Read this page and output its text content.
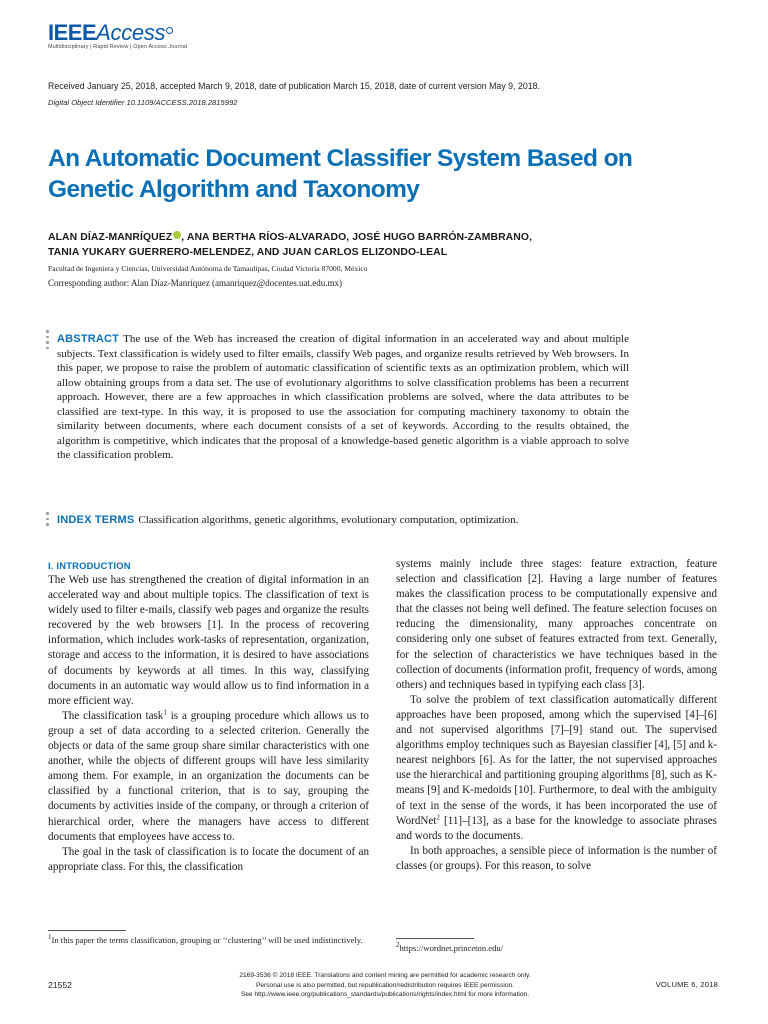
IEEEAccess
Multidisciplinary | Rapid Review | Open Access Journal
Received January 25, 2018, accepted March 9, 2018, date of publication March 15, 2018, date of current version May 9, 2018.
Digital Object Identifier 10.1109/ACCESS.2018.2815992
An Automatic Document Classifier System Based on Genetic Algorithm and Taxonomy
ALAN DÍAZ-MANRÍQUEZ , ANA BERTHA RÍOS-ALVARADO, JOSÉ HUGO BARRÓN-ZAMBRANO,
TANIA YUKARY GUERRERO-MELENDEZ, AND JUAN CARLOS ELIZONDO-LEAL
Facultad de Ingeniera y Ciencias, Universidad Autónoma de Tamaulipas, Ciudad Victoria 87000, México
Corresponding author: Alan Díaz-Manríquez (amanriquez@docentes.uat.edu.mx)
ABSTRACT The use of the Web has increased the creation of digital information in an accelerated way and about multiple subjects. Text classification is widely used to filter emails, classify Web pages, and organize results retrieved by Web browsers. In this paper, we propose to raise the problem of automatic classification of scientific texts as an optimization problem, which will allow obtaining groups from a data set. The use of evolutionary algorithms to solve classification problems has been a recurrent approach. However, there are a few approaches in which classification problems are solved, where the data attributes to be classified are text-type. In this way, it is proposed to use the association for computing machinery taxonomy to obtain the similarity between documents, where each document consists of a set of keywords. According to the results obtained, the algorithm is competitive, which indicates that the proposal of a knowledge-based genetic algorithm is a viable approach to solve the classification problem.
INDEX TERMS Classification algorithms, genetic algorithms, evolutionary computation, optimization.
I. INTRODUCTION

The Web use has strengthened the creation of digital information in an accelerated way and about multiple topics. The classification of text is widely used to filter e-mails, classify web pages and organize the results recovered by the web browsers [1]. In the process of recovering information, which includes work-tasks of representation, organization, storage and access to the information, it is desired to have associations of documents by keywords at all times. In this way, classifying documents in an automatic way would allow us to find information in a more efficient way.

The classification task$^1$ is a grouping procedure which allows us to group a set of data according to a selected criterion. Generally the objects or data of the same group share similar characteristics with one another, while the objects of different groups will have less similarity among them. For example, in an organization the documents can be classified by a functional criterion, that is to say, grouping the documents by activities inside of the company, or through a criterion of hierarchical order, where the managers have access to different documents that employees have access to.

The goal in the task of classification is to locate the document of an appropriate class. For this, the classification

systems mainly include three stages: feature extraction, feature selection and classification [2]. Having a large number of features makes the classification process to be computationally expensive and that the classes not being well defined. The feature selection focuses on reducing the dimensionality, many approaches concentrate on considering only one subset of features extracted from text. Generally, for the selection of characteristics we have techniques based in the collection of documents (information profit, frequency of words, among others) and techniques based in typifying each class [3].

To solve the problem of text classification automatically different approaches have been proposed, among which the supervised [4]–[6] and not supervised algorithms [7]–[9] stand out. The supervised algorithms employ techniques such as Bayesian classifier [4], [5] and k-nearest neighbors [6]. As for the latter, the not supervised approaches use the hierarchical and partitioning grouping algorithms [8], such as K-means [9] and K-medoids [10]. Furthermore, to deal with the ambiguity of text in the sense of the words, it has been incorporated the use of WordNet$^2$ [11]–[13], as a base for the knowledge to associate phrases and words to the documents.

In both approaches, a sensible piece of information is the number of classes (or groups). For this reason, to solve

$^1$In this paper the terms classification, grouping or ‘‘clustering’’ will be used indistinctively.
$^2$https://wordnet.princeton.edu/
21552
2169-3536 © 2018 IEEE. Translations and content mining are permitted for academic research only.
Personal use is also permitted, but republication/redistribution requires IEEE permission.
See http://www.ieee.org/publications_standards/publications/rights/index.html for more information.
VOLUME 6, 2018
